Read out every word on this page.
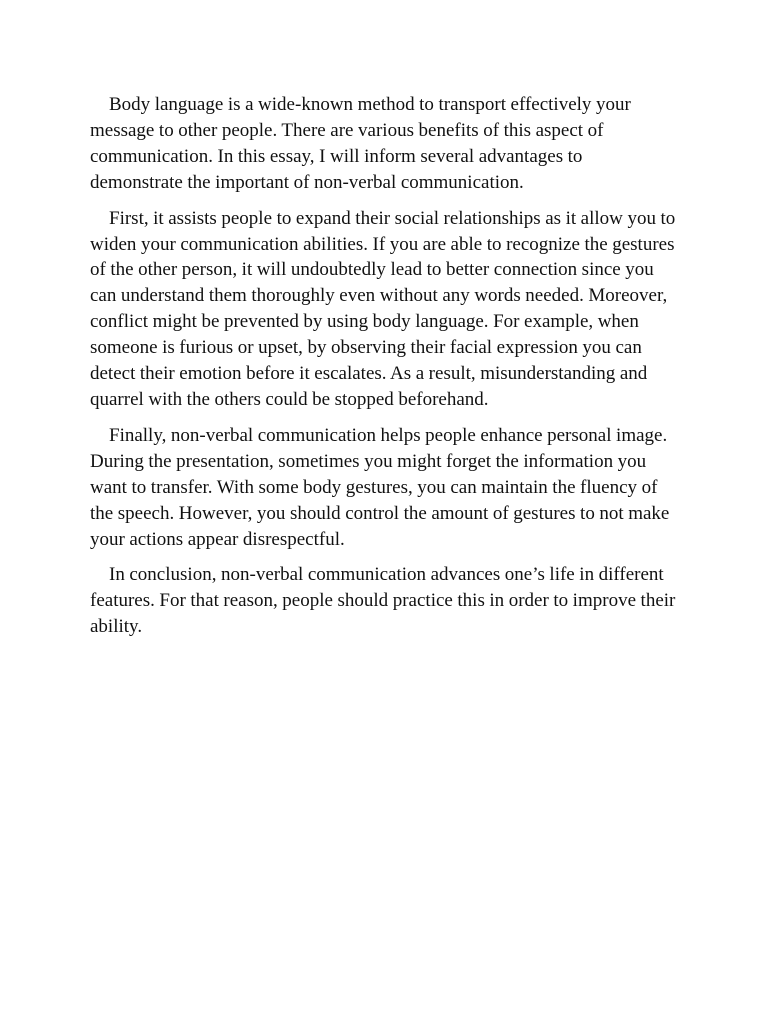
Body language is a wide-known method to transport effectively your message to other people. There are various benefits of this aspect of communication. In this essay, I will inform several advantages to demonstrate the important of non-verbal communication.

First, it assists people to expand their social relationships as it allow you to widen your communication abilities. If you are able to recognize the gestures of the other person, it will undoubtedly lead to better connection since you can understand them thoroughly even without any words needed. Moreover, conflict might be prevented by using body language. For example, when someone is furious or upset, by observing their facial expression you can detect their emotion before it escalates. As a result, misunderstanding and quarrel with the others could be stopped beforehand.

Finally, non-verbal communication helps people enhance personal image. During the presentation, sometimes you might forget the information you want to transfer. With some body gestures, you can maintain the fluency of the speech. However, you should control the amount of gestures to not make your actions appear disrespectful.

In conclusion, non-verbal communication advances one’s life in different features. For that reason, people should practice this in order to improve their ability.
